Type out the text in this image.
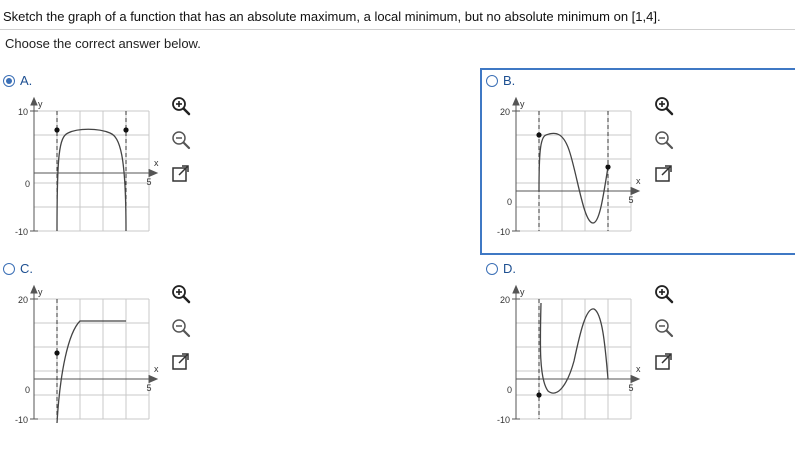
Sketch the graph of a function that has an absolute maximum, a local minimum, but no absolute minimum on [1,4].
Choose the correct answer below.
A.	B.
C.	D.
y
x
10
-10
0	5
y
x
20
-10
0	5
y
x
20
-10
0	5
y
x
20
-10
0	5
